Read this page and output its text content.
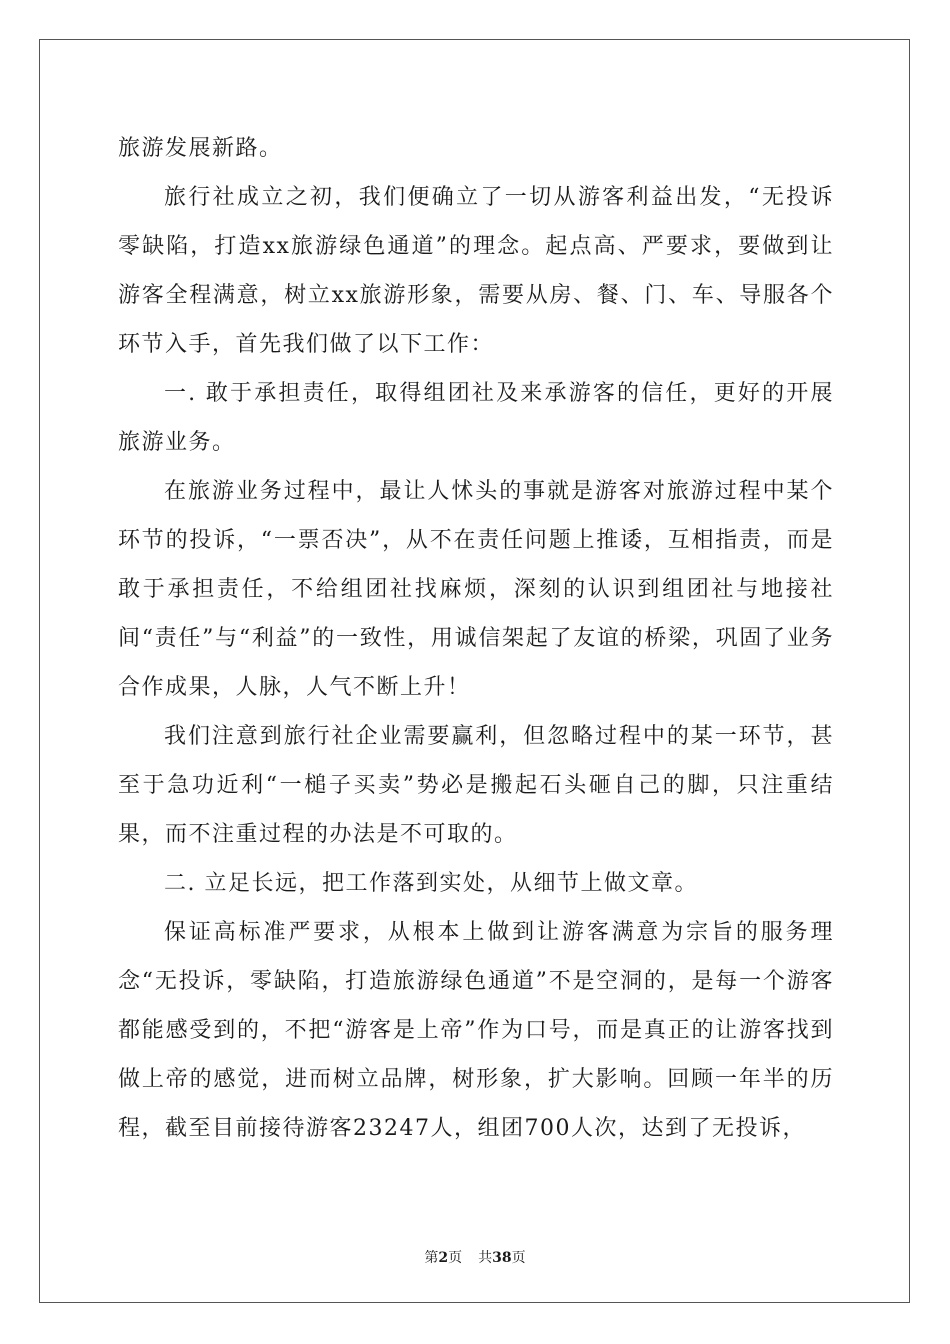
旅游发展新路。

旅行社成立之初，我们便确立了一切从游客利益出发，“无投诉零缺陷，打造xx旅游绿色通道”的理念。起点高、严要求，要做到让游客全程满意，树立xx旅游形象，需要从房、餐、门、车、导服各个环节入手，首先我们做了以下工作：

一. 敢于承担责任，取得组团社及来承游客的信任，更好的开展旅游业务。

在旅游业务过程中，最让人怵头的事就是游客对旅游过程中某个环节的投诉，“一票否决”，从不在责任问题上推诿，互相指责，而是敢于承担责任，不给组团社找麻烦，深刻的认识到组团社与地接社间“责任”与“利益”的一致性，用诚信架起了友谊的桥梁，巩固了业务合作成果，人脉，人气不断上升！

我们注意到旅行社企业需要赢利，但忽略过程中的某一环节，甚至于急功近利“一槌子买卖”势必是搬起石头砸自己的脚，只注重结果，而不注重过程的办法是不可取的。

二. 立足长远，把工作落到实处，从细节上做文章。

保证高标准严要求，从根本上做到让游客满意为宗旨的服务理念“无投诉，零缺陷，打造旅游绿色通道”不是空洞的，是每一个游客都能感受到的，不把“游客是上帝”作为口号，而是真正的让游客找到做上帝的感觉，进而树立品牌，树形象，扩大影响。回顾一年半的历程，截至目前接待游客23247人，组团700人次，达到了无投诉，

第2页 共38页
